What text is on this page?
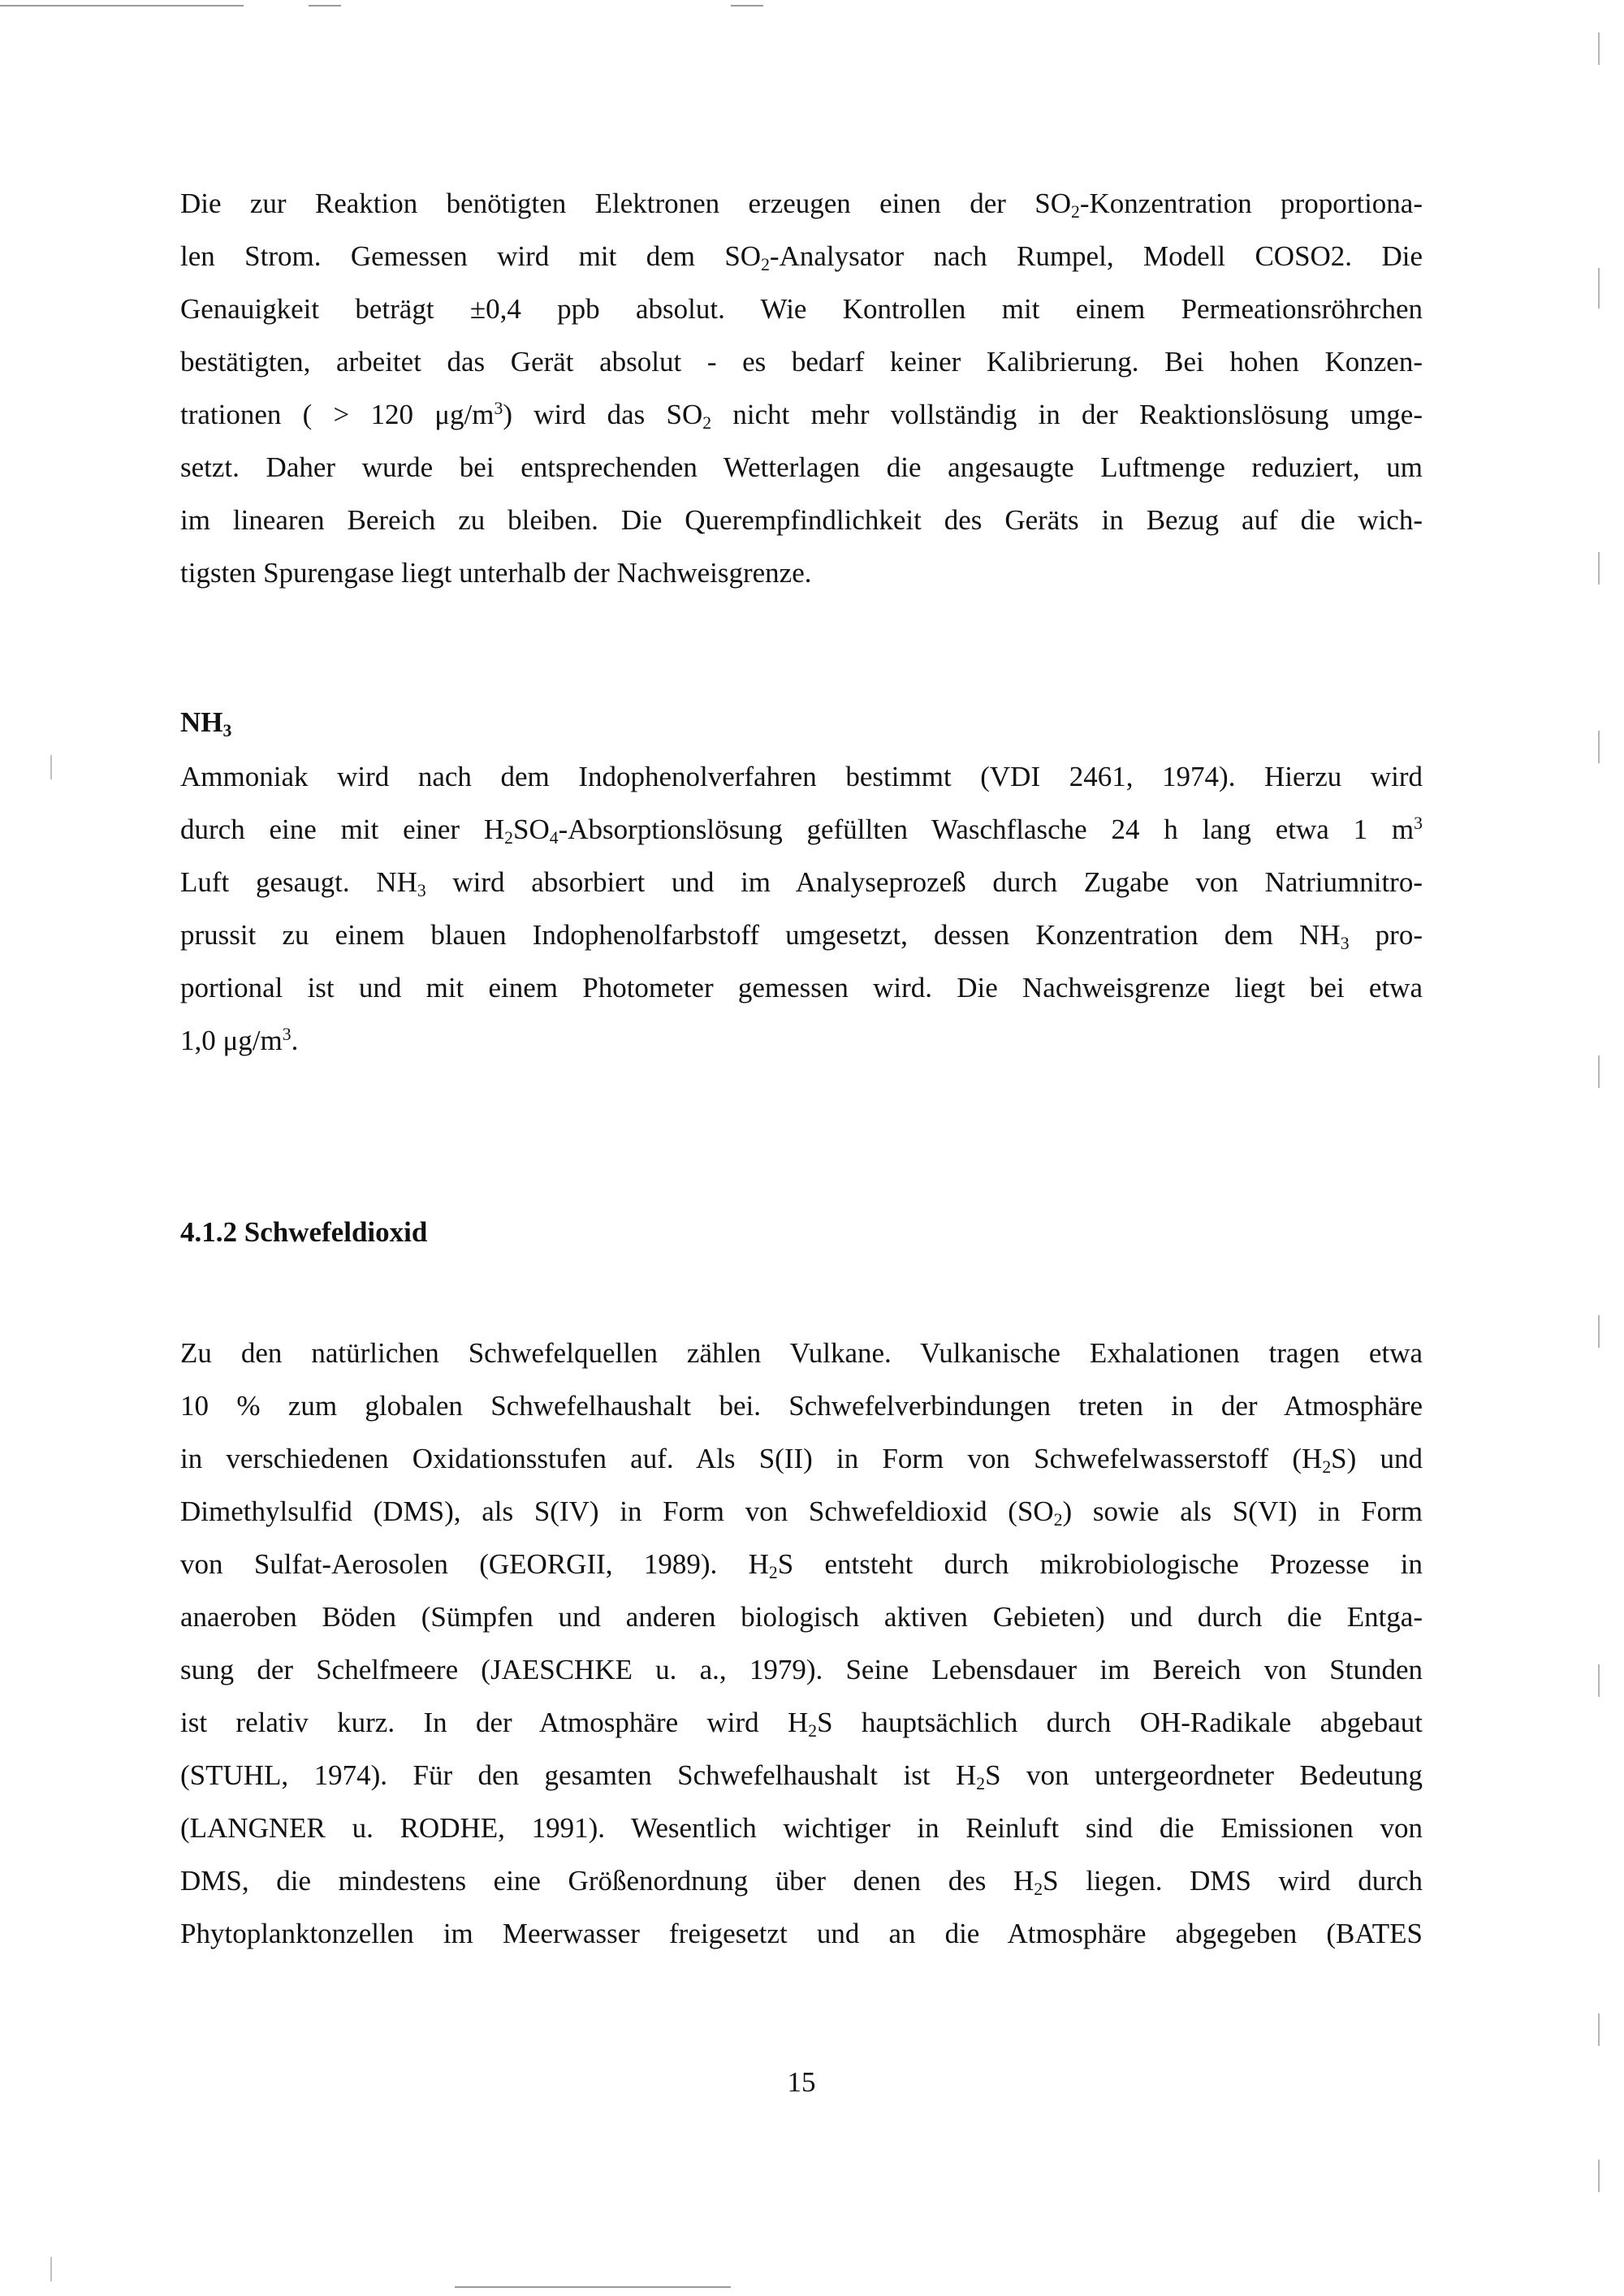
Die zur Reaktion benötigten Elektronen erzeugen einen der $SO_2$-Konzentration proportiona-
len Strom. Gemessen wird mit dem $SO_2$-Analysator nach Rumpel, Modell COSO2. Die
Genauigkeit beträgt ±0,4 ppb absolut. Wie Kontrollen mit einem Permeationsröhrchen
bestätigten, arbeitet das Gerät absolut - es bedarf keiner Kalibrierung. Bei hohen Konzen-
trationen ( > 120 $\mu g/m^3$) wird das $SO_2$ nicht mehr vollständig in der Reaktionslösung umge-
setzt. Daher wurde bei entsprechenden Wetterlagen die angesaugte Luftmenge reduziert, um
im linearen Bereich zu bleiben. Die Querempfindlichkeit des Geräts in Bezug auf die wich-
tigsten Spurengase liegt unterhalb der Nachweisgrenze.
$NH_3$
Ammoniak wird nach dem Indophenolverfahren bestimmt (VDI 2461, 1974). Hierzu wird
durch eine mit einer $H_2SO_4$-Absorptionslösung gefüllten Waschflasche 24 h lang etwa 1 $m^3$
Luft gesaugt. $NH_3$ wird absorbiert und im Analyseprozeß durch Zugabe von Natriumnitro-
prussit zu einem blauen Indophenolfarbstoff umgesetzt, dessen Konzentration dem $NH_3$ pro-
portional ist und mit einem Photometer gemessen wird. Die Nachweisgrenze liegt bei etwa
1,0 $\mu g/m^3$.
4.1.2 Schwefeldioxid
Zu den natürlichen Schwefelquellen zählen Vulkane. Vulkanische Exhalationen tragen etwa
10 % zum globalen Schwefelhaushalt bei. Schwefelverbindungen treten in der Atmosphäre
in verschiedenen Oxidationsstufen auf. Als S(II) in Form von Schwefelwasserstoff $(H_2S)$ und
Dimethylsulfid (DMS), als S(IV) in Form von Schwefeldioxid $(SO_2)$ sowie als S(VI) in Form
von Sulfat-Aerosolen (GEORGII, 1989). $H_2S$ entsteht durch mikrobiologische Prozesse in
anaeroben Böden (Sümpfen und anderen biologisch aktiven Gebieten) und durch die Entga-
sung der Schelfmeere (JAESCHKE u. a., 1979). Seine Lebensdauer im Bereich von Stunden
ist relativ kurz. In der Atmosphäre wird $H_2S$ hauptsächlich durch OH-Radikale abgebaut
(STUHL, 1974). Für den gesamten Schwefelhaushalt ist $H_2S$ von untergeordneter Bedeutung
(LANGNER u. RODHE, 1991). Wesentlich wichtiger in Reinluft sind die Emissionen von
DMS, die mindestens eine Größenordnung über denen des $H_2S$ liegen. DMS wird durch
Phytoplanktonzellen im Meerwasser freigesetzt und an die Atmosphäre abgegeben (BATES
15
